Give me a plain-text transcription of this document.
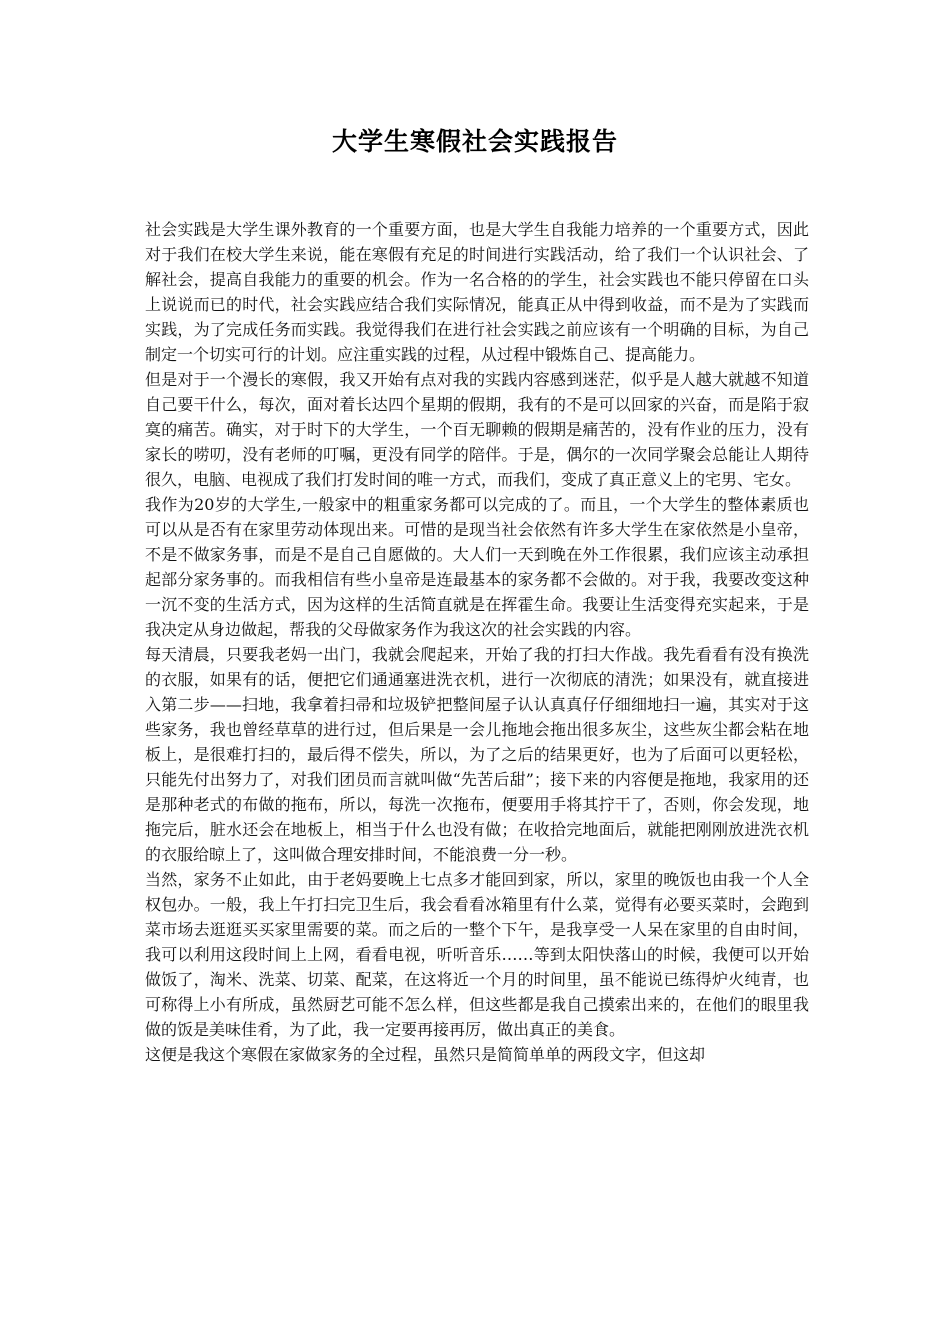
大学生寒假社会实践报告

社会实践是大学生课外教育的一个重要方面，也是大学生自我能力培养的一个重要方式，因此对于我们在校大学生来说，能在寒假有充足的时间进行实践活动，给了我们一个认识社会、了解社会，提高自我能力的重要的机会。作为一名合格的的学生，社会实践也不能只停留在口头上说说而已的时代，社会实践应结合我们实际情况，能真正从中得到收益，而不是为了实践而实践，为了完成任务而实践。我觉得我们在进行社会实践之前应该有一个明确的目标，为自己制定一个切实可行的计划。应注重实践的过程，从过程中锻炼自己、提高能力。

但是对于一个漫长的寒假，我又开始有点对我的实践内容感到迷茫，似乎是人越大就越不知道自己要干什么，每次，面对着长达四个星期的假期，我有的不是可以回家的兴奋，而是陷于寂寞的痛苦。确实，对于时下的大学生，一个百无聊赖的假期是痛苦的，没有作业的压力，没有家长的唠叨，没有老师的叮嘱，更没有同学的陪伴。于是，偶尔的一次同学聚会总能让人期待很久，电脑、电视成了我们打发时间的唯一方式，而我们，变成了真正意义上的宅男、宅女。

我作为20岁的大学生,一般家中的粗重家务都可以完成的了。而且，一个大学生的整体素质也可以从是否有在家里劳动体现出来。可惜的是现当社会依然有许多大学生在家依然是小皇帝，不是不做家务事，而是不是自己自愿做的。大人们一天到晚在外工作很累，我们应该主动承担起部分家务事的。而我相信有些小皇帝是连最基本的家务都不会做的。对于我，我要改变这种一沉不变的生活方式，因为这样的生活简直就是在挥霍生命。我要让生活变得充实起来，于是我决定从身边做起，帮我的父母做家务作为我这次的社会实践的内容。

每天清晨，只要我老妈一出门，我就会爬起来，开始了我的打扫大作战。我先看看有没有换洗的衣服，如果有的话，便把它们通通塞进洗衣机，进行一次彻底的清洗；如果没有，就直接进入第二步——扫地，我拿着扫帚和垃圾铲把整间屋子认认真真仔仔细细地扫一遍，其实对于这些家务，我也曾经草草的进行过，但后果是一会儿拖地会拖出很多灰尘，这些灰尘都会粘在地板上，是很难打扫的，最后得不偿失，所以，为了之后的结果更好，也为了后面可以更轻松，只能先付出努力了，对我们团员而言就叫做“先苦后甜”；接下来的内容便是拖地，我家用的还是那种老式的布做的拖布，所以，每洗一次拖布，便要用手将其拧干了，否则，你会发现，地拖完后，脏水还会在地板上，相当于什么也没有做；在收拾完地面后，就能把刚刚放进洗衣机的衣服给晾上了，这叫做合理安排时间，不能浪费一分一秒。

当然，家务不止如此，由于老妈要晚上七点多才能回到家，所以，家里的晚饭也由我一个人全权包办。一般，我上午打扫完卫生后，我会看看冰箱里有什么菜，觉得有必要买菜时，会跑到菜市场去逛逛买买家里需要的菜。而之后的一整个下午，是我享受一人呆在家里的自由时间，我可以利用这段时间上上网，看看电视，听听音乐……等到太阳快落山的时候，我便可以开始做饭了，淘米、洗菜、切菜、配菜，在这将近一个月的时间里，虽不能说已练得炉火纯青，也可称得上小有所成，虽然厨艺可能不怎么样，但这些都是我自己摸索出来的，在他们的眼里我做的饭是美味佳肴，为了此，我一定要再接再厉，做出真正的美食。

这便是我这个寒假在家做家务的全过程，虽然只是简简单单的两段文字，但这却
